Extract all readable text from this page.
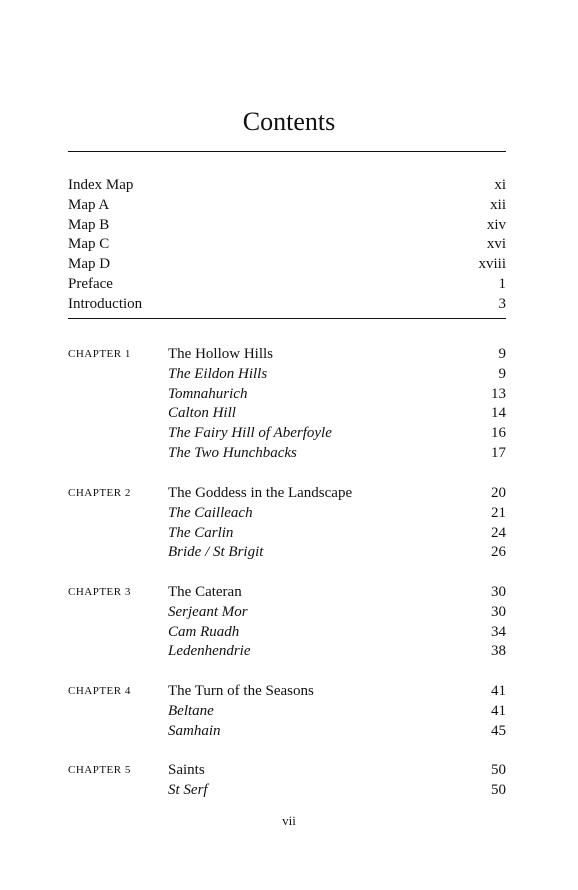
Contents
Index Map	xi
Map A	xii
Map B	xiv
Map C	xvi
Map D	xviii
Preface	1
Introduction	3
CHAPTER 1 The Hollow Hills	9
The Eildon Hills	9
Tomnahurich	13
Calton Hill	14
The Fairy Hill of Aberfoyle	16
The Two Hunchbacks	17
CHAPTER 2 The Goddess in the Landscape	20
The Cailleach	21
The Carlin	24
Bride / St Brigit	26
CHAPTER 3 The Cateran	30
Serjeant Mor	30
Cam Ruadh	34
Ledenhendrie	38
CHAPTER 4 The Turn of the Seasons	41
Beltane	41
Samhain	45
CHAPTER 5 Saints	50
St Serf	50
vii
